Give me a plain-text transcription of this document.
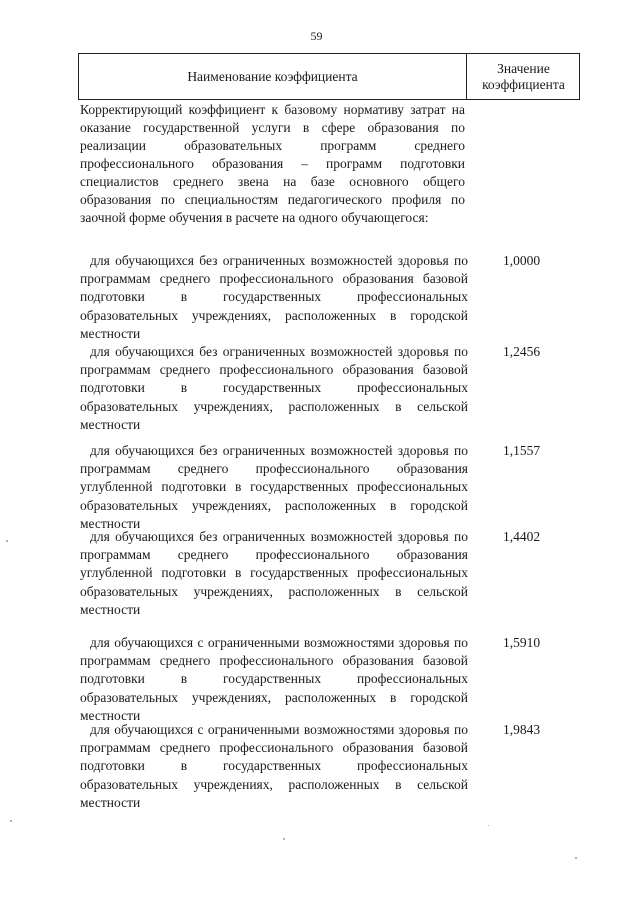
59
Наименование коэффициента
Значение
коэффициента
Корректирующий коэффициент к базовому нормативу затрат на оказание государственной услуги в сфере образования по реализации образовательных программ среднего профессионального образования – программ подготовки специалистов среднего звена на базе основного общего образования по специальностям педагогического профиля по заочной форме обучения в расчете на одного обучающегося:
для обучающихся без ограниченных возможностей здоровья по программам среднего профессионального образования базовой подготовки в государственных профессиональных образовательных учреждениях, расположенных в городской местности
1,0000
для обучающихся без ограниченных возможностей здоровья по программам среднего профессионального образования базовой подготовки в государственных профессиональных образовательных учреждениях, расположенных в сельской местности
1,2456
для обучающихся без ограниченных возможностей здоровья по программам среднего профессионального образования углубленной подготовки в государственных профессиональных образовательных учреждениях, расположенных в городской местности
1,1557
для обучающихся без ограниченных возможностей здоровья по программам среднего профессионального образования углубленной подготовки в государственных профессиональных образовательных учреждениях, расположенных в сельской местности
1,4402
для обучающихся с ограниченными возможностями здоровья по программам среднего профессионального образования базовой подготовки в государственных профессиональных образовательных учреждениях, расположенных в городской местности
1,5910
для обучающихся с ограниченными возможностями здоровья по программам среднего профессионального образования базовой подготовки в государственных профессиональных образовательных учреждениях, расположенных в сельской местности
1,9843
